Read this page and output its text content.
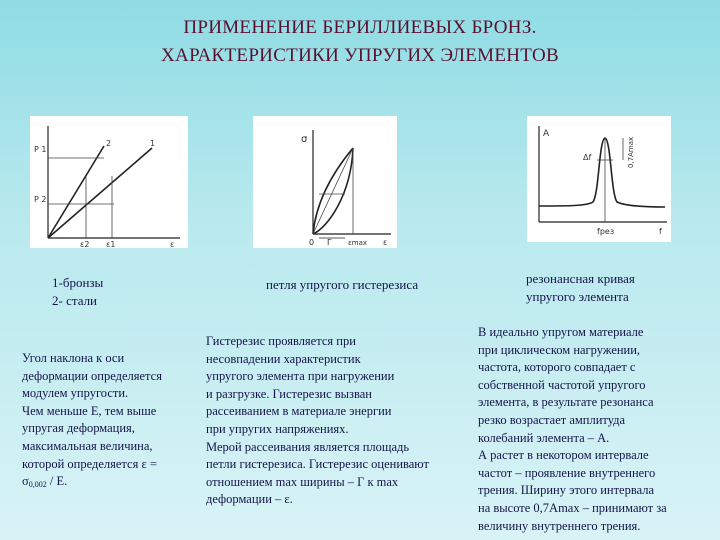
ПРИМЕНЕНИЕ БЕРИЛЛИЕВЫХ БРОНЗ.
ХАРАКТЕРИСТИКИ УПРУГИХ ЭЛЕМЕНТОВ
P 1
P 2
2	1
ε2 ε1	ε
σ
0 Γ εmax ε
A
Δf	0,7Amax
fрез	f
1-бронзы
2- стали
петля упругого гистерезиса	резонансная кривая
упругого элемента
Угол наклона к оси
деформации определяется
модулем упругости.
Чем меньше Е, тем выше
упругая деформация,
максимальная величина,
которой определяется ε =
$\sigma_{0,002}$ / Е.
Гистерезис проявляется при
несовпадении характеристик
упругого элемента при нагружении
и разгрузке. Гистерезис вызван
рассеиванием в материале энергии
при упругих напряжениях.
Мерой рассеивания является площадь
петли гистерезиса. Гистерезис оценивают
отношением max ширины – Г к max
деформации – ε.
В идеально упругом материале
при циклическом нагружении,
частота, которого совпадает с
собственной частотой упругого
элемента, в результате резонанса
резко возрастает амплитуда
колебаний элемента – А.
А растет в некотором интервале
частот – проявление внутреннего
трения. Ширину этого интервала
на высоте 0,7Аmax – принимают за
величину внутреннего трения.
